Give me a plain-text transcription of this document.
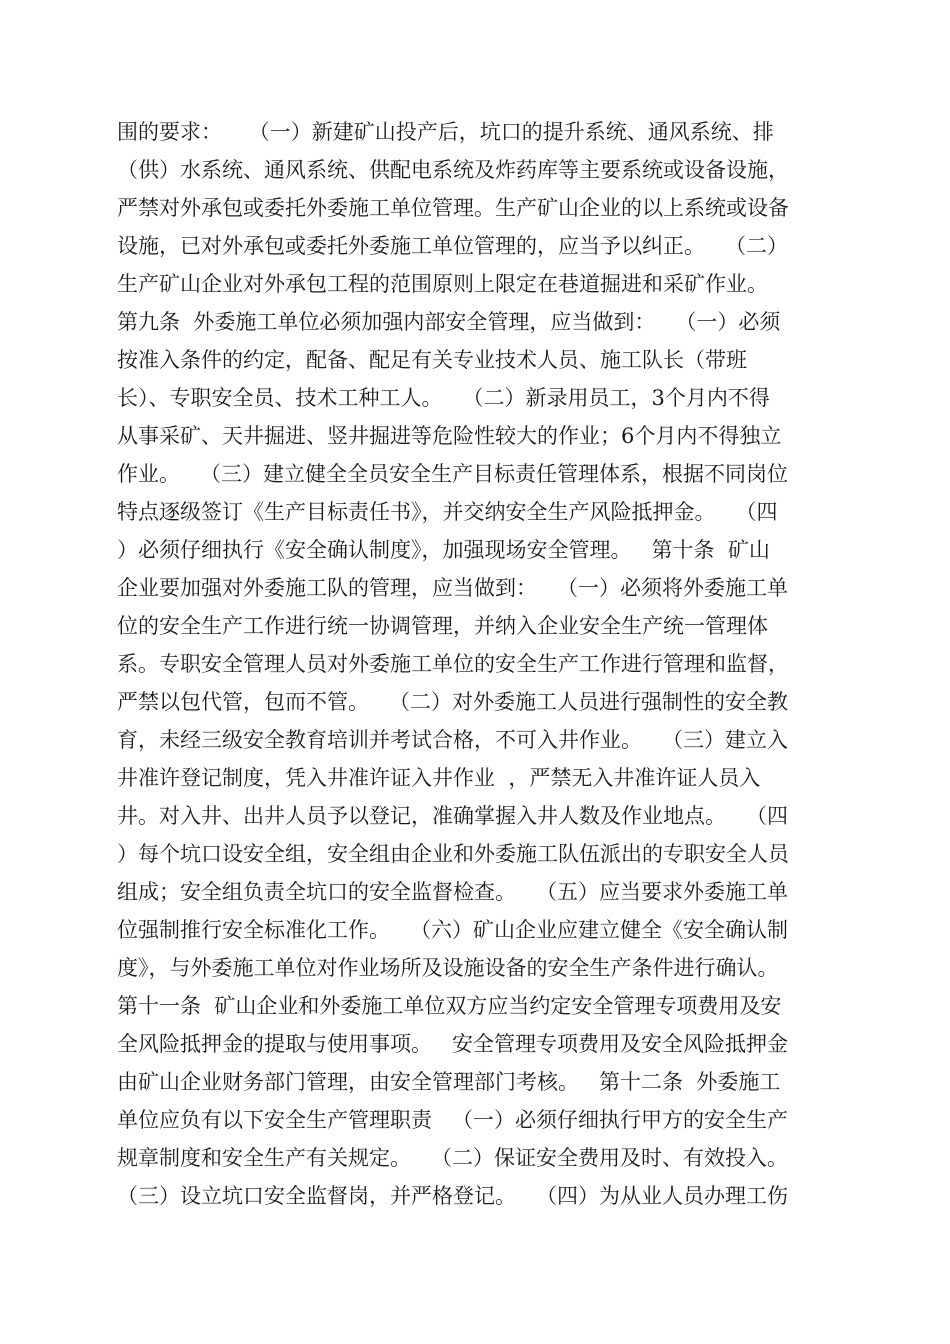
围的要求：    （一）新建矿山投产后，坑口的提升系统、通风系统、排
（供）水系统、通风系统、供配电系统及炸药库等主要系统或设备设施，
严禁对外承包或委托外委施工单位管理。生产矿山企业的以上系统或设备
设施，已对外承包或委托外委施工单位管理的，应当予以纠正。   （二）
生产矿山企业对外承包工程的范围原则上限定在巷道掘进和采矿作业。
第九条  外委施工单位必须加强内部安全管理，应当做到：   （一）必须
按准入条件的约定，配备、配足有关专业技术人员、施工队长（带班
长）、专职安全员、技术工种工人。   （二）新录用员工，3个月内不得
从事采矿、天井掘进、竖井掘进等危险性较大的作业；6个月内不得独立
作业。   （三）建立健全全员安全生产目标责任管理体系，根据不同岗位
特点逐级签订《生产目标责任书》，并交纳安全生产风险抵押金。   （四
）必须仔细执行《安全确认制度》，加强现场安全管理。   第十条  矿山
企业要加强对外委施工队的管理，应当做到：   （一）必须将外委施工单
位的安全生产工作进行统一协调管理，并纳入企业安全生产统一管理体
系。专职安全管理人员对外委施工单位的安全生产工作进行管理和监督，
严禁以包代管，包而不管。   （二）对外委施工人员进行强制性的安全教
育，未经三级安全教育培训并考试合格，不可入井作业。   （三）建立入
井准许登记制度，凭入井准许证入井作业  ，严禁无入井准许证人员入
井。对入井、出井人员予以登记，准确掌握入井人数及作业地点。   （四
）每个坑口设安全组，安全组由企业和外委施工队伍派出的专职安全人员
组成；安全组负责全坑口的安全监督检查。   （五）应当要求外委施工单
位强制推行安全标准化工作。   （六）矿山企业应建立健全《安全确认制
度》，与外委施工单位对作业场所及设施设备的安全生产条件进行确认。
第十一条  矿山企业和外委施工单位双方应当约定安全管理专项费用及安
全风险抵押金的提取与使用事项。   安全管理专项费用及安全风险抵押金
由矿山企业财务部门管理，由安全管理部门考核。   第十二条  外委施工
单位应负有以下安全生产管理职责   （一）必须仔细执行甲方的安全生产
规章制度和安全生产有关规定。   （二）保证安全费用及时、有效投入。
（三）设立坑口安全监督岗，并严格登记。   （四）为从业人员办理工伤
